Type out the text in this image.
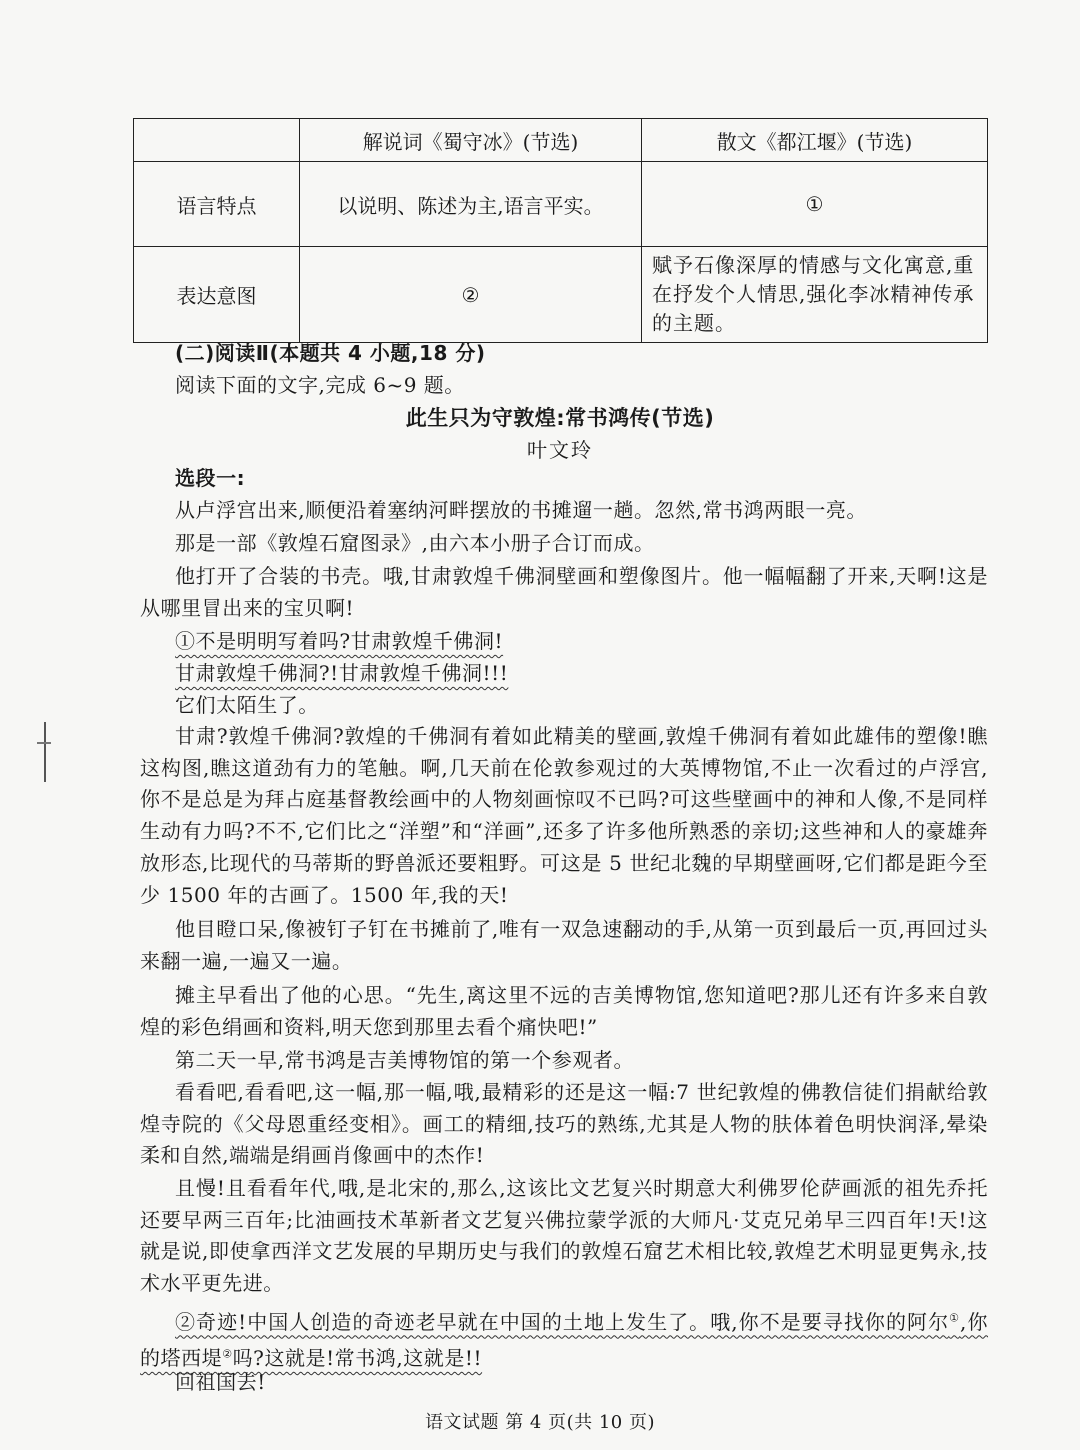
	解说词《蜀守冰》(节选)	散文《都江堰》(节选)
语言特点	以说明、陈述为主,语言平实。	①
表达意图	②	赋予石像深厚的情感与文化寓意,重在抒发个人情思,强化李冰精神传承的主题。
(二)阅读Ⅱ(本题共 4 小题,18 分)
阅读下面的文字,完成 6~9 题。
此生只为守敦煌:常书鸿传(节选)
叶文玲
选段一:
从卢浮宫出来,顺便沿着塞纳河畔摆放的书摊遛一趟。忽然,常书鸿两眼一亮。
那是一部《敦煌石窟图录》,由六本小册子合订而成。
他打开了合装的书壳。哦,甘肃敦煌千佛洞壁画和塑像图片。他一幅幅翻了开来,天啊!这是从哪里冒出来的宝贝啊!
①不是明明写着吗?甘肃敦煌千佛洞!
甘肃敦煌千佛洞?!甘肃敦煌千佛洞!!!
它们太陌生了。
甘肃?敦煌千佛洞?敦煌的千佛洞有着如此精美的壁画,敦煌千佛洞有着如此雄伟的塑像!瞧这构图,瞧这道劲有力的笔触。啊,几天前在伦敦参观过的大英博物馆,不止一次看过的卢浮宫,你不是总是为拜占庭基督教绘画中的人物刻画惊叹不已吗?可这些壁画中的神和人像,不是同样生动有力吗?不不,它们比之“洋塑”和“洋画”,还多了许多他所熟悉的亲切;这些神和人的豪雄奔放形态,比现代的马蒂斯的野兽派还要粗野。可这是 5 世纪北魏的早期壁画呀,它们都是距今至少 1500 年的古画了。1500 年,我的天!
他目瞪口呆,像被钉子钉在书摊前了,唯有一双急速翻动的手,从第一页到最后一页,再回过头来翻一遍,一遍又一遍。
摊主早看出了他的心思。“先生,离这里不远的吉美博物馆,您知道吧?那儿还有许多来自敦煌的彩色绢画和资料,明天您到那里去看个痛快吧!”
第二天一早,常书鸿是吉美博物馆的第一个参观者。
看看吧,看看吧,这一幅,那一幅,哦,最精彩的还是这一幅:7 世纪敦煌的佛教信徒们捐献给敦煌寺院的《父母恩重经变相》。画工的精细,技巧的熟练,尤其是人物的肤体着色明快润泽,晕染柔和自然,端端是绢画肖像画中的杰作!
且慢!且看看年代,哦,是北宋的,那么,这该比文艺复兴时期意大利佛罗伦萨画派的祖先乔托还要早两三百年;比油画技术革新者文艺复兴佛拉蒙学派的大师凡·艾克兄弟早三四百年!天!这就是说,即使拿西洋文艺发展的早期历史与我们的敦煌石窟艺术相比较,敦煌艺术明显更隽永,技术水平更先进。
②奇迹!中国人创造的奇迹老早就在中国的土地上发生了。哦,你不是要寻找你的阿尔①,你的塔西堤②吗?这就是!常书鸿,这就是!!
回祖国去!
语文试题 第 4 页(共 10 页)
